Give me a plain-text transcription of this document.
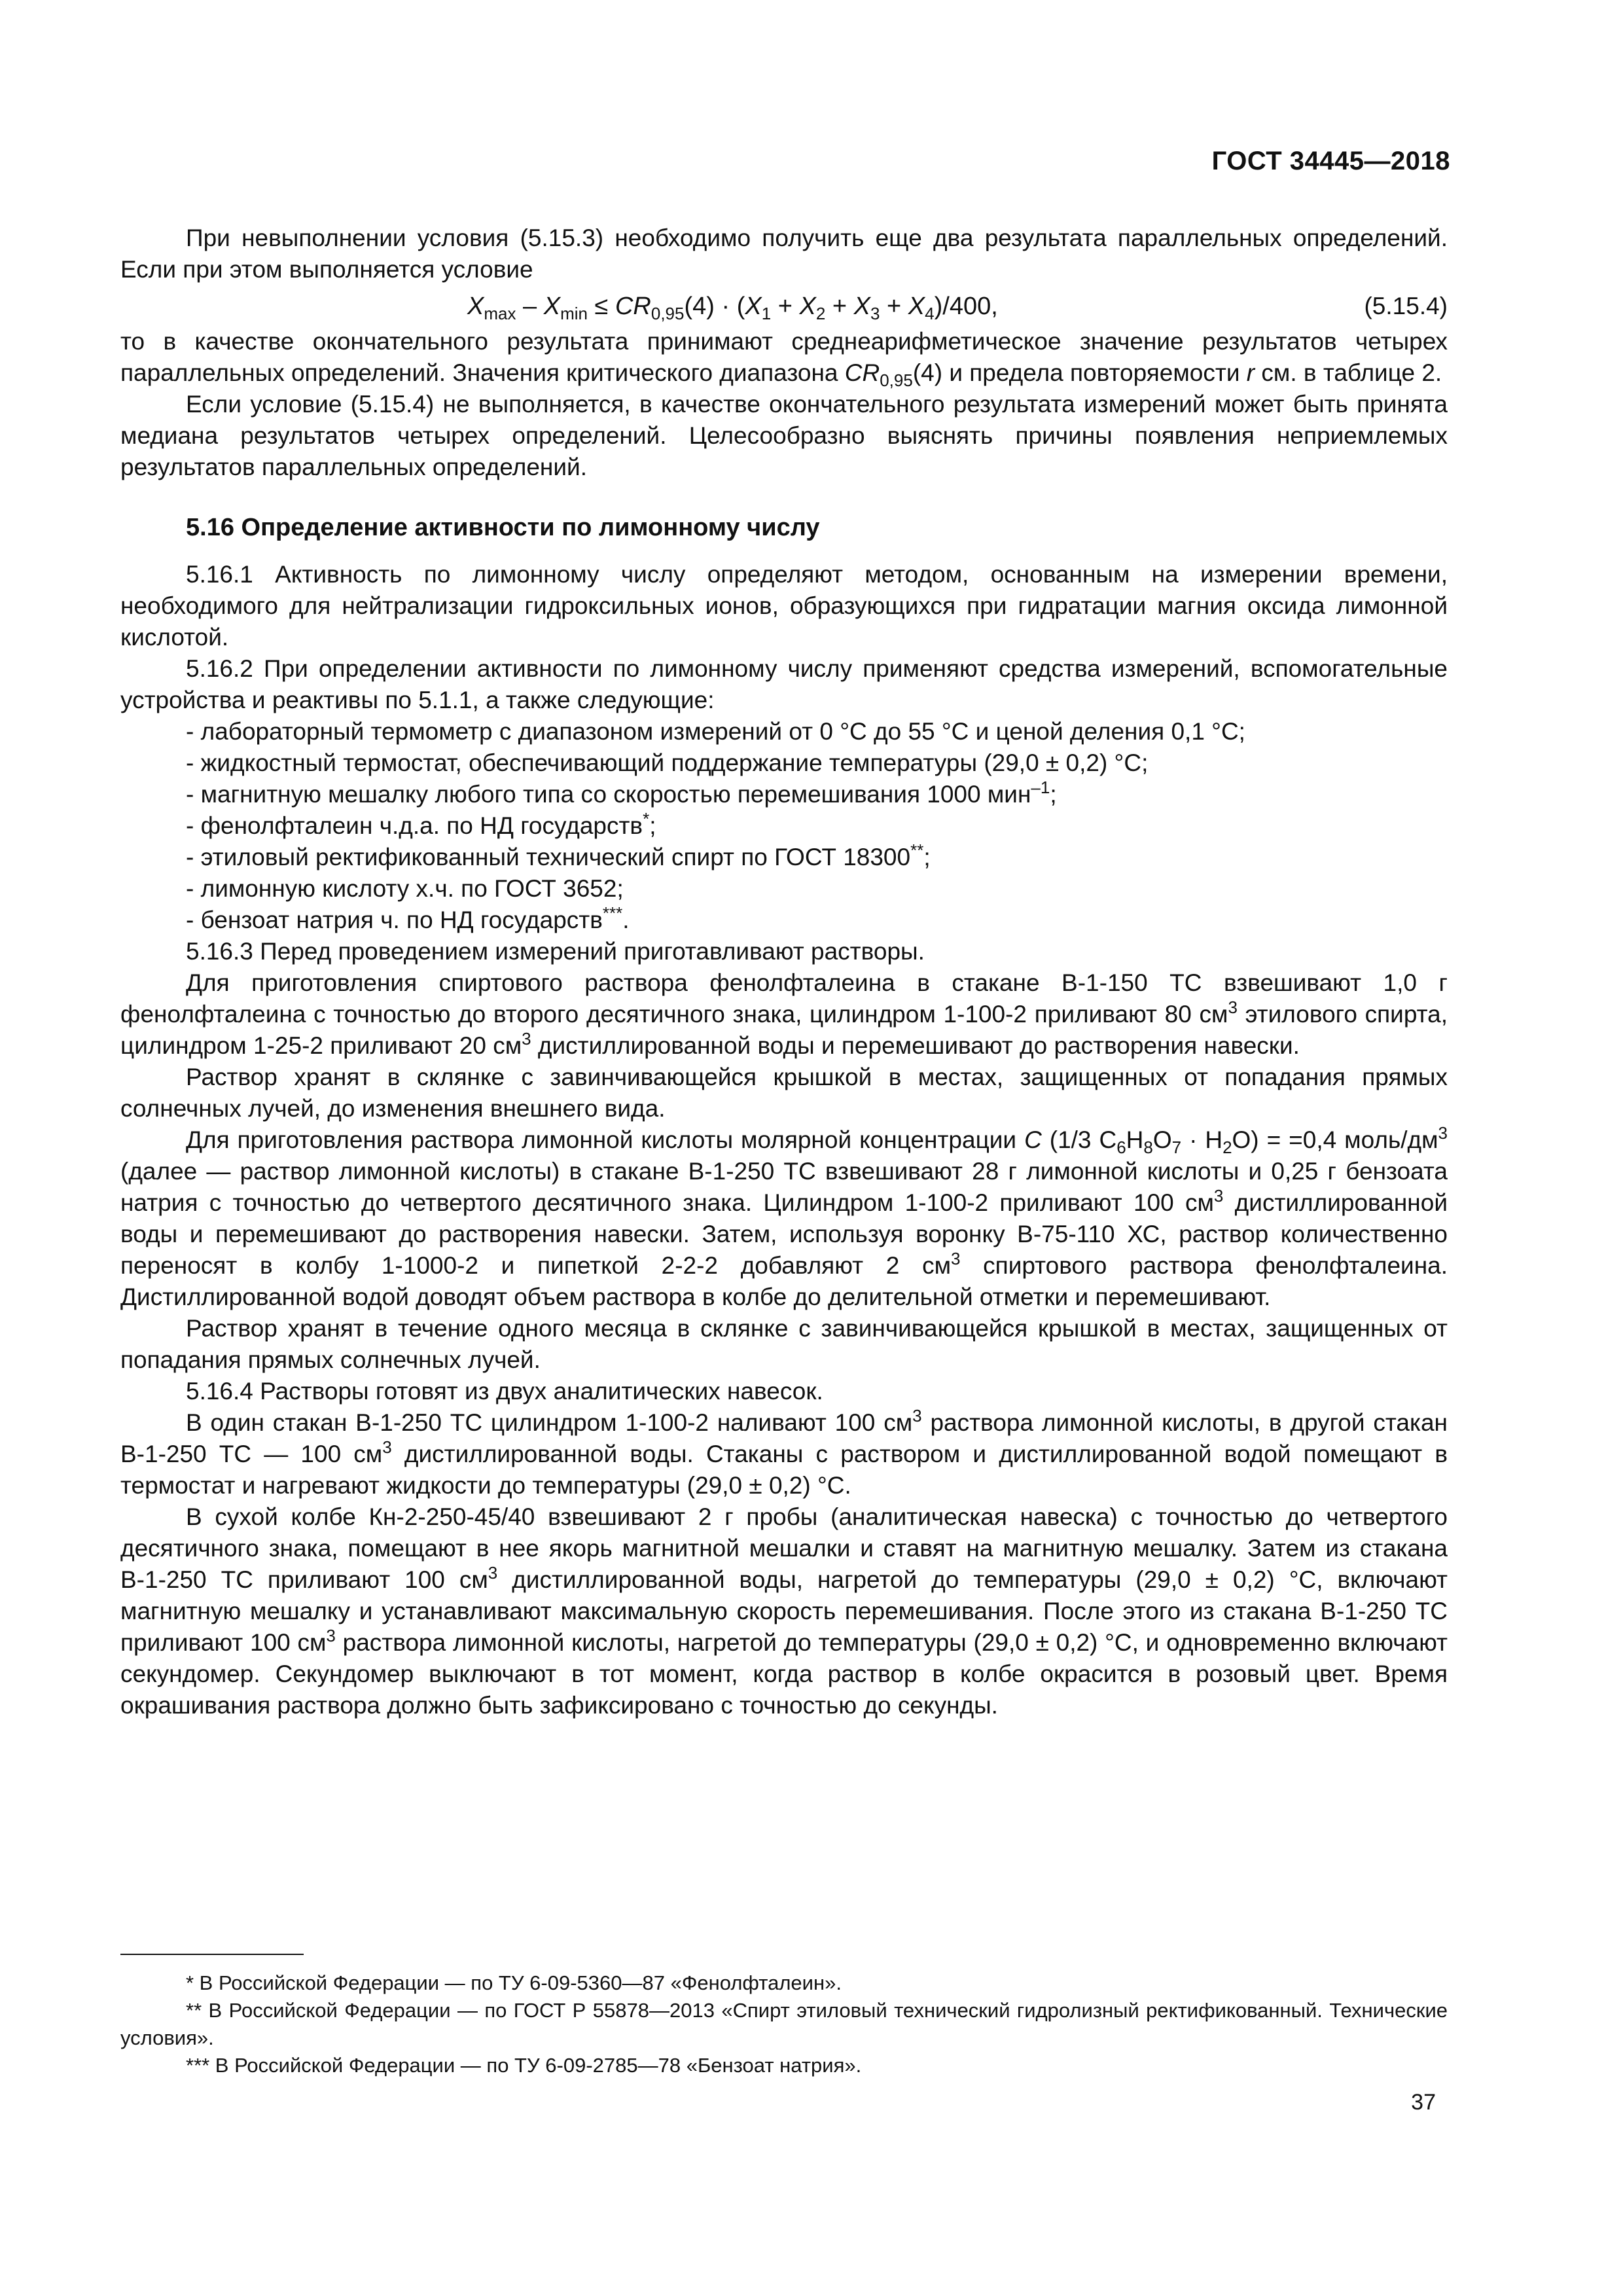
ГОСТ 34445—2018

При невыполнении условия (5.15.3) необходимо получить еще два результата параллельных определений. Если при этом выполняется условие

$X_{max} - X_{min} \le CR_{0,95}(4) \cdot (X_1 + X_2 + X_3 + X_4)/400$,	(5.15.4)

то в качестве окончательного результата принимают среднеарифметическое значение результатов четырех параллельных определений. Значения критического диапазона $CR_{0,95}(4)$ и предела повторяемости r см. в таблице 2.

Если условие (5.15.4) не выполняется, в качестве окончательного результата измерений может быть принята медиана результатов четырех определений. Целесообразно выяснять причины появления неприемлемых результатов параллельных определений.

5.16 Определение активности по лимонному числу

5.16.1 Активность по лимонному числу определяют методом, основанным на измерении времени, необходимого для нейтрализации гидроксильных ионов, образующихся при гидратации магния оксида лимонной кислотой.

5.16.2 При определении активности по лимонному числу применяют средства измерений, вспомогательные устройства и реактивы по 5.1.1, а также следующие:

- лабораторный термометр с диапазоном измерений от 0 °С до 55 °С и ценой деления 0,1 °С;

- жидкостный термостат, обеспечивающий поддержание температуры (29,0 ± 0,2) °С;

- магнитную мешалку любого типа со скоростью перемешивания 1000 мин$^{-1}$;

- фенолфталеин ч.д.а. по НД государств*;

- этиловый ректификованный технический спирт по ГОСТ 18300**;

- лимонную кислоту х.ч. по ГОСТ 3652;

- бензоат натрия ч. по НД государств***.

5.16.3 Перед проведением измерений приготавливают растворы.

Для приготовления спиртового раствора фенолфталеина в стакане В-1-150 ТС взвешивают 1,0 г фенолфталеина с точностью до второго десятичного знака, цилиндром 1-100-2 приливают 80 $см^3$ этилового спирта, цилиндром 1-25-2 приливают 20 $см^3$ дистиллированной воды и перемешивают до растворения навески.

Раствор хранят в склянке с завинчивающейся крышкой в местах, защищенных от попадания прямых солнечных лучей, до изменения внешнего вида.

Для приготовления раствора лимонной кислоты молярной концентрации C (1/3 $C_6H_8O_7 \cdot H_2O) = =0,4$ моль/$дм^3$ (далее — раствор лимонной кислоты) в стакане В-1-250 ТС взвешивают 28 г лимонной кислоты и 0,25 г бензоата натрия с точностью до четвертого десятичного знака. Цилиндром 1-100-2 приливают 100 $см^3$ дистиллированной воды и перемешивают до растворения навески. Затем, используя воронку В-75-110 ХС, раствор количественно переносят в колбу 1-1000-2 и пипеткой 2-2-2 добавляют 2 $см^3$ спиртового раствора фенолфталеина. Дистиллированной водой доводят объем раствора в колбе до делительной отметки и перемешивают.

Раствор хранят в течение одного месяца в склянке с завинчивающейся крышкой в местах, защищенных от попадания прямых солнечных лучей.

5.16.4 Растворы готовят из двух аналитических навесок.

В один стакан В-1-250 ТС цилиндром 1-100-2 наливают 100 $см^3$ раствора лимонной кислоты, в другой стакан В-1-250 ТС — 100 $см^3$ дистиллированной воды. Стаканы с раствором и дистиллированной водой помещают в термостат и нагревают жидкости до температуры (29,0 ± 0,2) °С.

В сухой колбе Кн-2-250-45/40 взвешивают 2 г пробы (аналитическая навеска) с точностью до четвертого десятичного знака, помещают в нее якорь магнитной мешалки и ставят на магнитную мешалку. Затем из стакана В-1-250 ТС приливают 100 $см^3$ дистиллированной воды, нагретой до температуры (29,0 ± 0,2) °С, включают магнитную мешалку и устанавливают максимальную скорость перемешивания. После этого из стакана В-1-250 ТС приливают 100 $см^3$ раствора лимонной кислоты, нагретой до температуры (29,0 ± 0,2) °С, и одновременно включают секундомер. Секундомер выключают в тот момент, когда раствор в колбе окрасится в розовый цвет. Время окрашивания раствора должно быть зафиксировано с точностью до секунды.

* В Российской Федерации — по ТУ 6-09-5360—87 «Фенолфталеин».
** В Российской Федерации — по ГОСТ Р 55878—2013 «Спирт этиловый технический гидролизный ректификованный. Технические условия».
*** В Российской Федерации — по ТУ 6-09-2785—78 «Бензоат натрия».
37
